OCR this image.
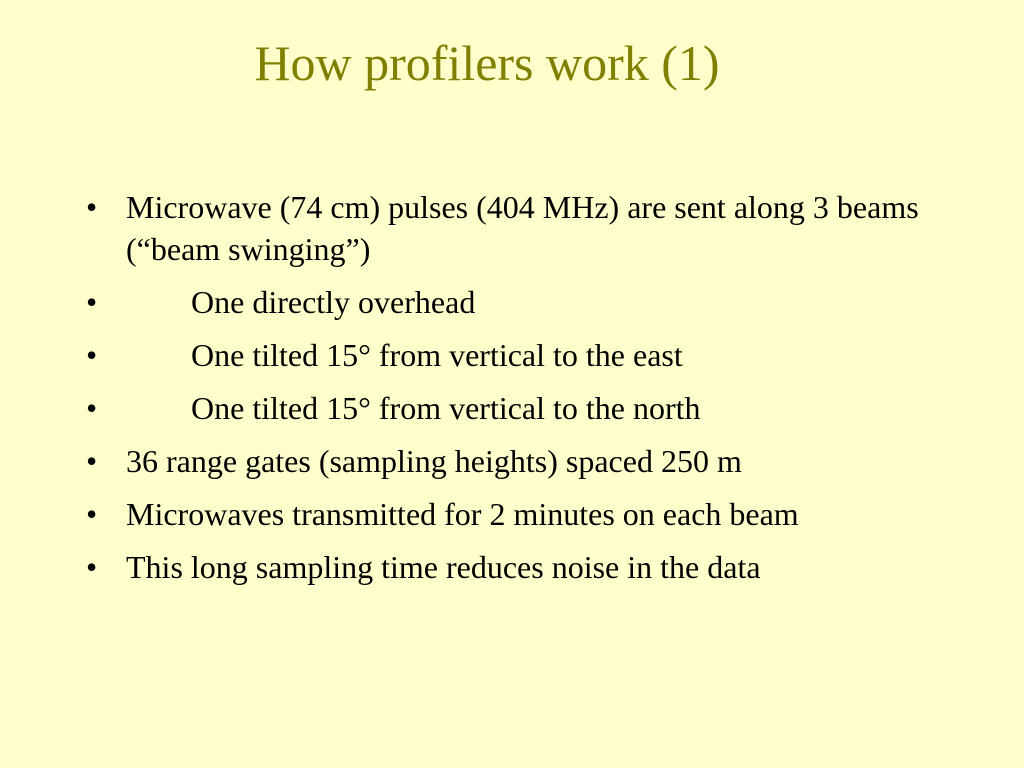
How profilers work (1)
• Microwave (74 cm) pulses (404 MHz) are sent along 3 beams (“beam swinging”)
•	One directly overhead
•	One tilted 15° from vertical to the east
•	One tilted 15° from vertical to the north
• 36 range gates (sampling heights) spaced 250 m
• Microwaves transmitted for 2 minutes on each beam
• This long sampling time reduces noise in the data
